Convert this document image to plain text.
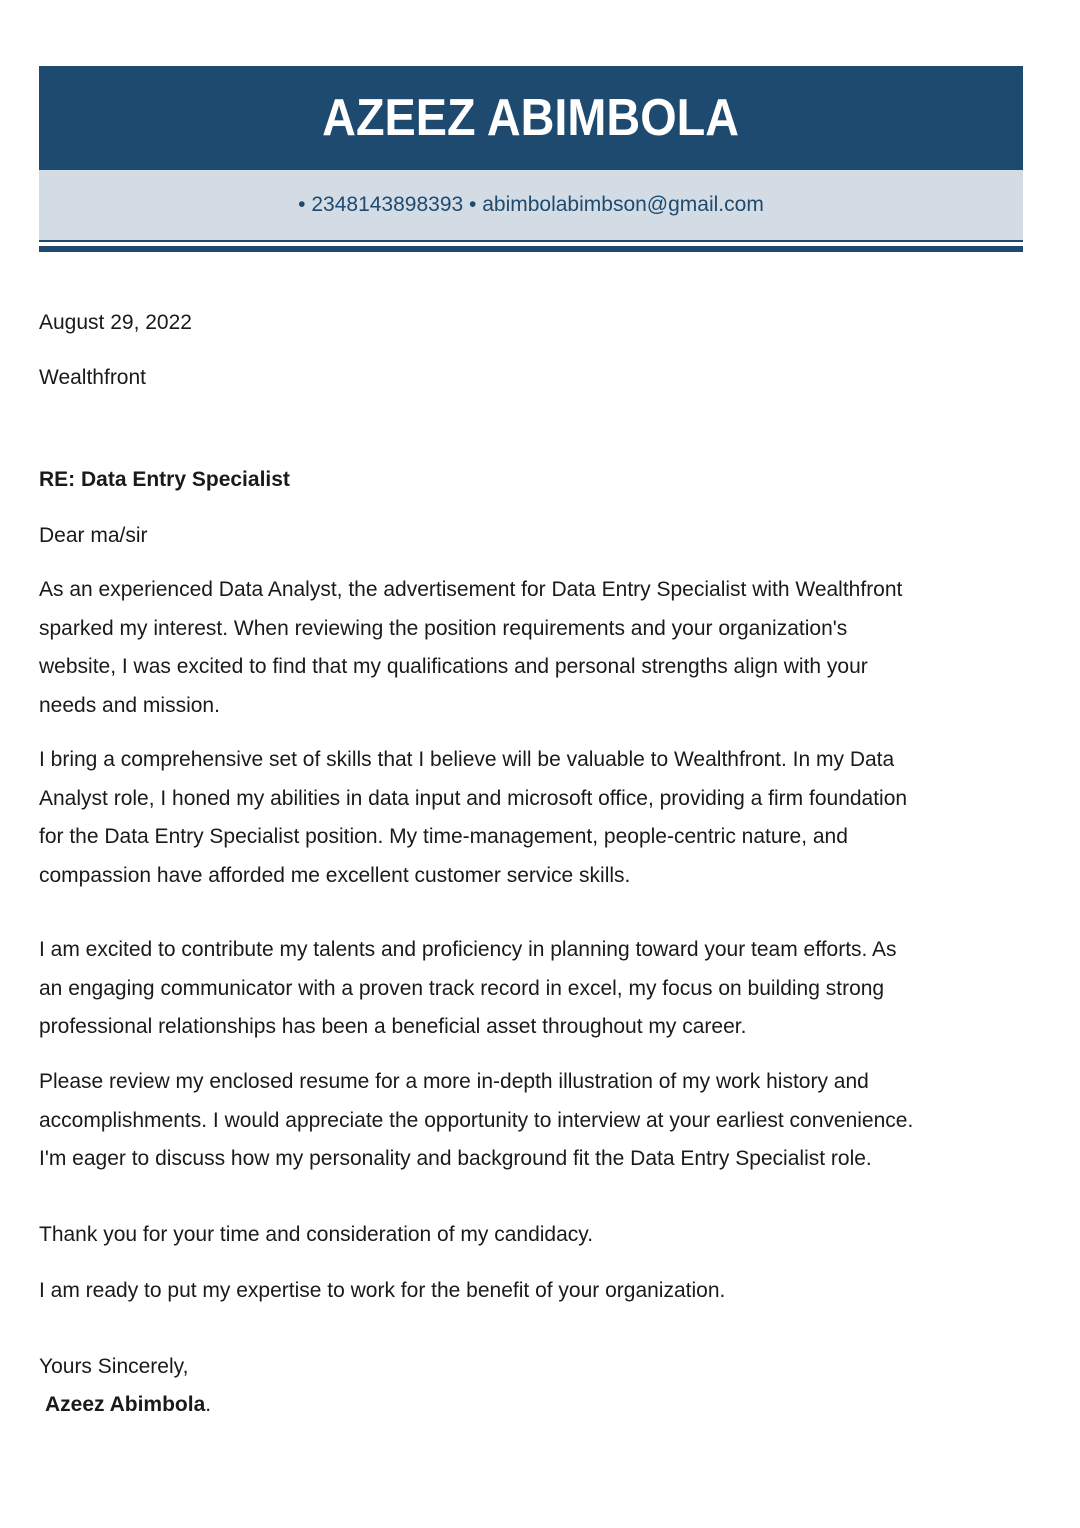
AZEEZ ABIMBOLA
• 2348143898393 • abimbolabimbson@gmail.com
August 29, 2022
Wealthfront
RE: Data Entry Specialist
Dear ma/sir
As an experienced Data Analyst, the advertisement for Data Entry Specialist with Wealthfront
sparked my interest. When reviewing the position requirements and your organization's
website, I was excited to find that my qualifications and personal strengths align with your
needs and mission.
I bring a comprehensive set of skills that I believe will be valuable to Wealthfront. In my Data
Analyst role, I honed my abilities in data input and microsoft office, providing a firm foundation
for the Data Entry Specialist position. My time-management, people-centric nature, and
compassion have afforded me excellent customer service skills.
I am excited to contribute my talents and proficiency in planning toward your team efforts. As
an engaging communicator with a proven track record in excel, my focus on building strong
professional relationships has been a beneficial asset throughout my career.
Please review my enclosed resume for a more in-depth illustration of my work history and
accomplishments. I would appreciate the opportunity to interview at your earliest convenience.
I'm eager to discuss how my personality and background fit the Data Entry Specialist role.
Thank you for your time and consideration of my candidacy.
I am ready to put my expertise to work for the benefit of your organization.
Yours Sincerely,
Azeez Abimbola.
